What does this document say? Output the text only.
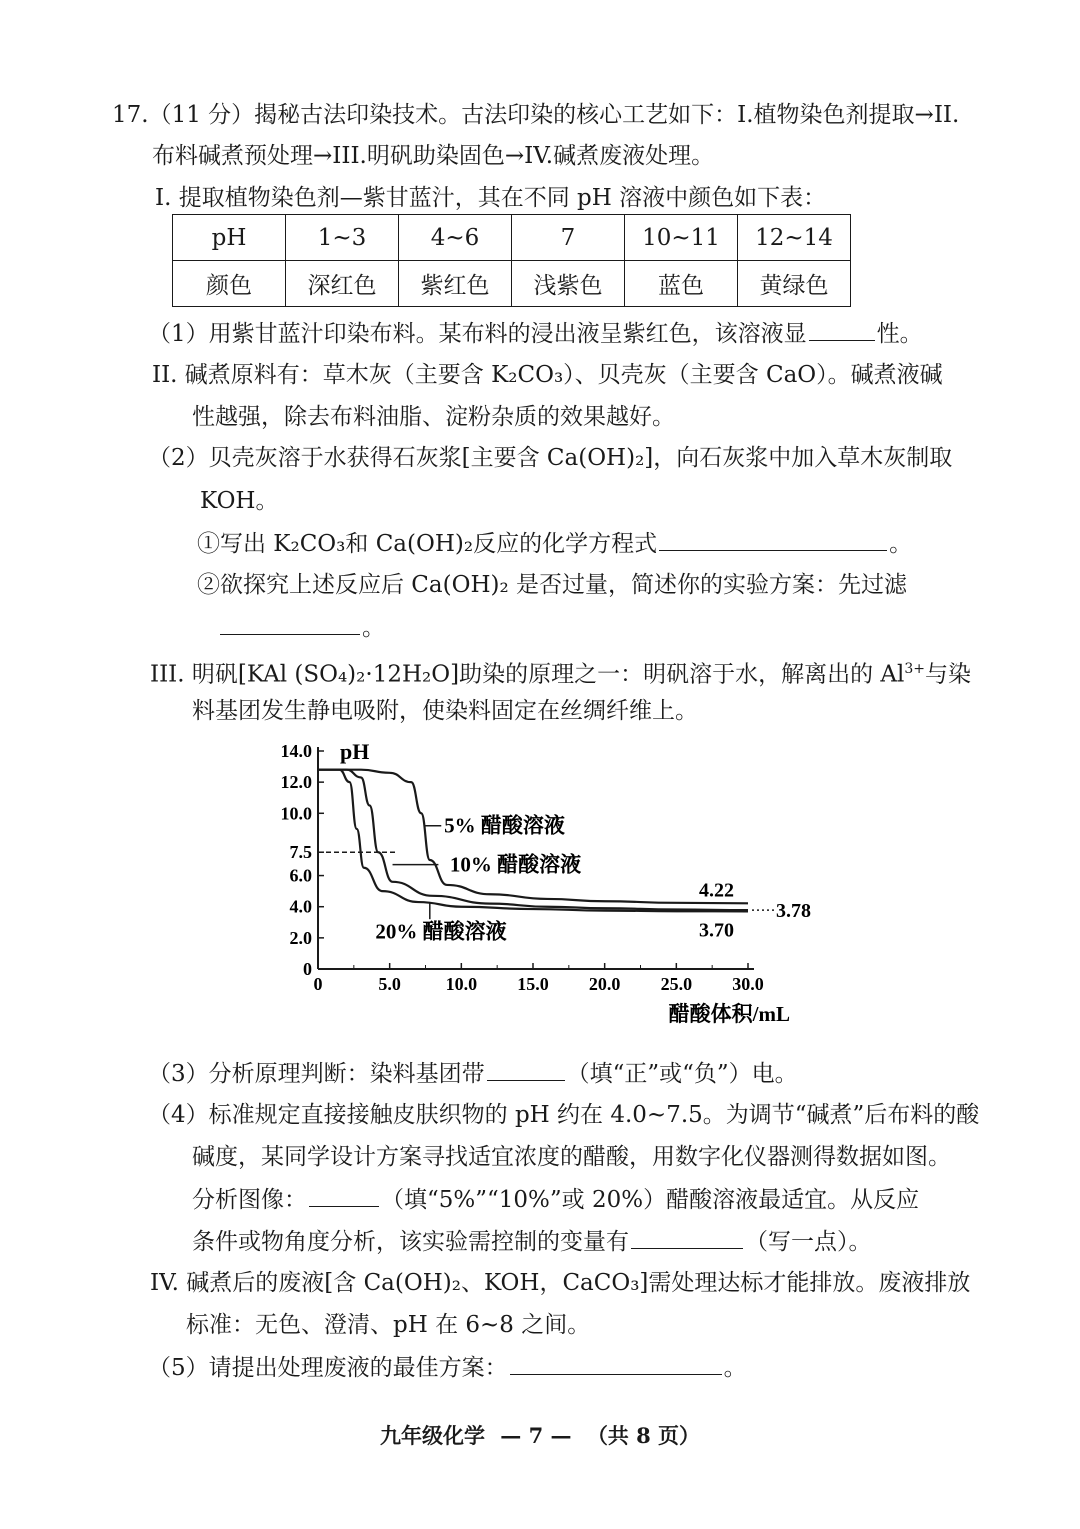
17.（11 分）揭秘古法印染技术。古法印染的核心工艺如下：I.植物染色剂提取→II.
布料碱煮预处理→III.明矾助染固色→IV.碱煮废液处理。
I. 提取植物染色剂—紫甘蓝汁，其在不同 pH 溶液中颜色如下表：
pH	1~3	4~6	7	10~11	12~14
颜色	深红色	紫红色	浅紫色	蓝色	黄绿色
（1）用紫甘蓝汁印染布料。某布料的浸出液呈紫红色，该溶液显	性。
II. 碱煮原料有：草木灰（主要含 K₂CO₃）、贝壳灰（主要含 CaO）。碱煮液碱
性越强，除去布料油脂、淀粉杂质的效果越好。
（2）贝壳灰溶于水获得石灰浆[主要含 Ca(OH)₂]，向石灰浆中加入草木灰制取
KOH。
①写出 K₂CO₃和 Ca(OH)₂反应的化学方程式	。
②欲探究上述反应后 Ca(OH)₂ 是否过量，简述你的实验方案：先过滤
。
III. 明矾[KAl (SO₄)₂·12H₂O]助染的原理之一：明矾溶于水，解离出的 $Al^{3+}$与染
料基团发生静电吸附，使染料固定在丝绸纤维上。
0	5.0 10.0 15.0 20.0 25.0 30.0
0
2.0
4.0
6.0
7.5
10.0
12.0
14.0 pH
醋酸体积/mL
5% 醋酸溶液
10% 醋酸溶液
20% 醋酸溶液
4.22
3.78
3.70
（3）分析原理判断：染料基团带	（填“正”或“负”）电。
（4）标准规定直接接触皮肤织物的 pH 约在 4.0~7.5。为调节“碱煮”后布料的酸
碱度，某同学设计方案寻找适宜浓度的醋酸，用数字化仪器测得数据如图。
分析图像：	（填“5%”“10%”或 20%）醋酸溶液最适宜。从反应
条件或物角度分析，该实验需控制的变量有	（写一点）。
IV. 碱煮后的废液[含 Ca(OH)₂、KOH，CaCO₃]需处理达标才能排放。废液排放
标准：无色、澄清、pH 在 6~8 之间。
（5）请提出处理废液的最佳方案：	。
九年级化学 — 7 — （共 8 页）
